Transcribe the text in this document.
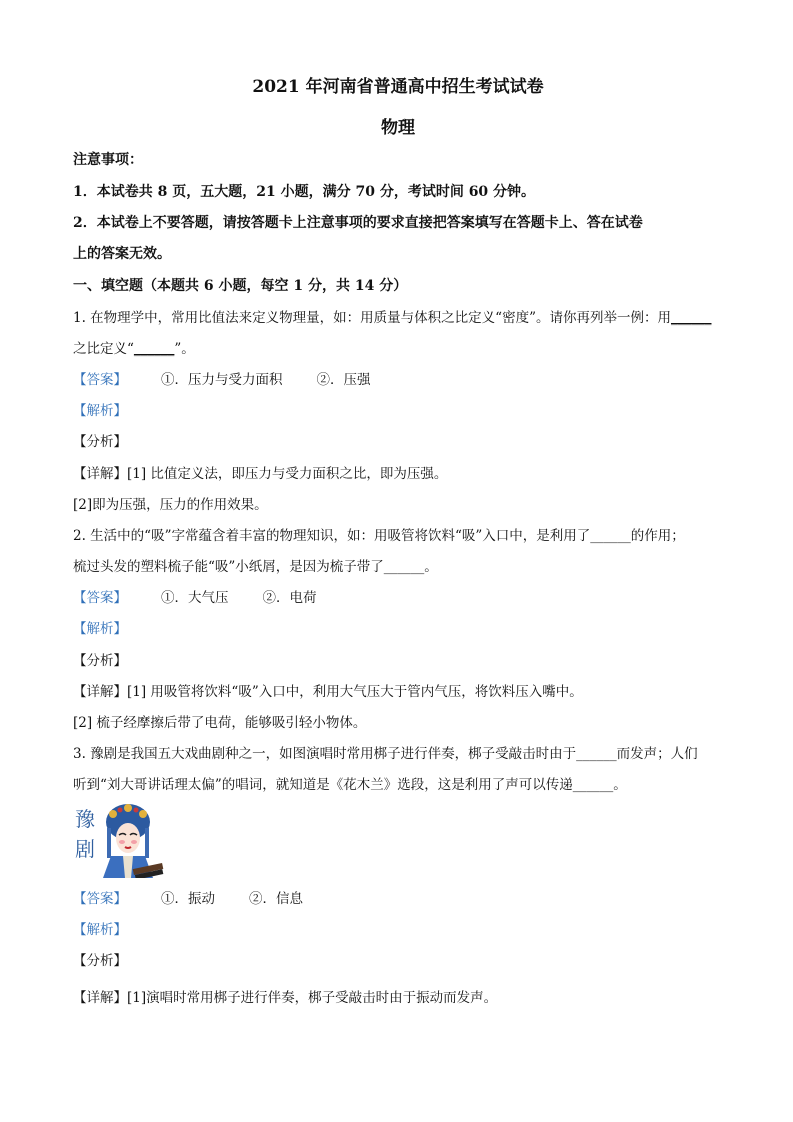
2021 年河南省普通高中招生考试试卷
物理
注意事项：
1．本试卷共 8 页，五大题，21 小题，满分 70 分，考试时间 60 分钟。
2．本试卷上不要答题，请按答题卡上注意事项的要求直接把答案填写在答题卡上、答在试卷
上的答案无效。
一、填空题（本题共 6 小题，每空 1 分，共 14 分）
1. 在物理学中，常用比值法来定义物理量，如：用质量与体积之比定义“密度”。请你再列举一例：用______
之比定义“______”。
【答案】	①．压力与受力面积	②．压强
【解析】
【分析】
【详解】[1] 比值定义法，即压力与受力面积之比，即为压强。
[2]即为压强，压力的作用效果。
2. 生活中的“吸”字常蕴含着丰富的物理知识，如：用吸管将饮料“吸”入口中，是利用了______的作用；
梳过头发的塑料梳子能“吸”小纸屑，是因为梳子带了______。
【答案】	①．大气压	②．电荷
【解析】
【分析】
【详解】[1] 用吸管将饮料“吸”入口中，利用大气压大于管内气压，将饮料压入嘴中。
[2] 梳子经摩擦后带了电荷，能够吸引轻小物体。
3. 豫剧是我国五大戏曲剧种之一，如图演唱时常用梆子进行伴奏，梆子受敲击时由于______而发声；人们
听到“刘大哥讲话理太偏”的唱词，就知道是《花木兰》选段，这是利用了声可以传递______。
豫
剧
【答案】	①．振动	②．信息
【解析】
【分析】
【详解】[1]演唱时常用梆子进行伴奏，梆子受敲击时由于振动而发声。
